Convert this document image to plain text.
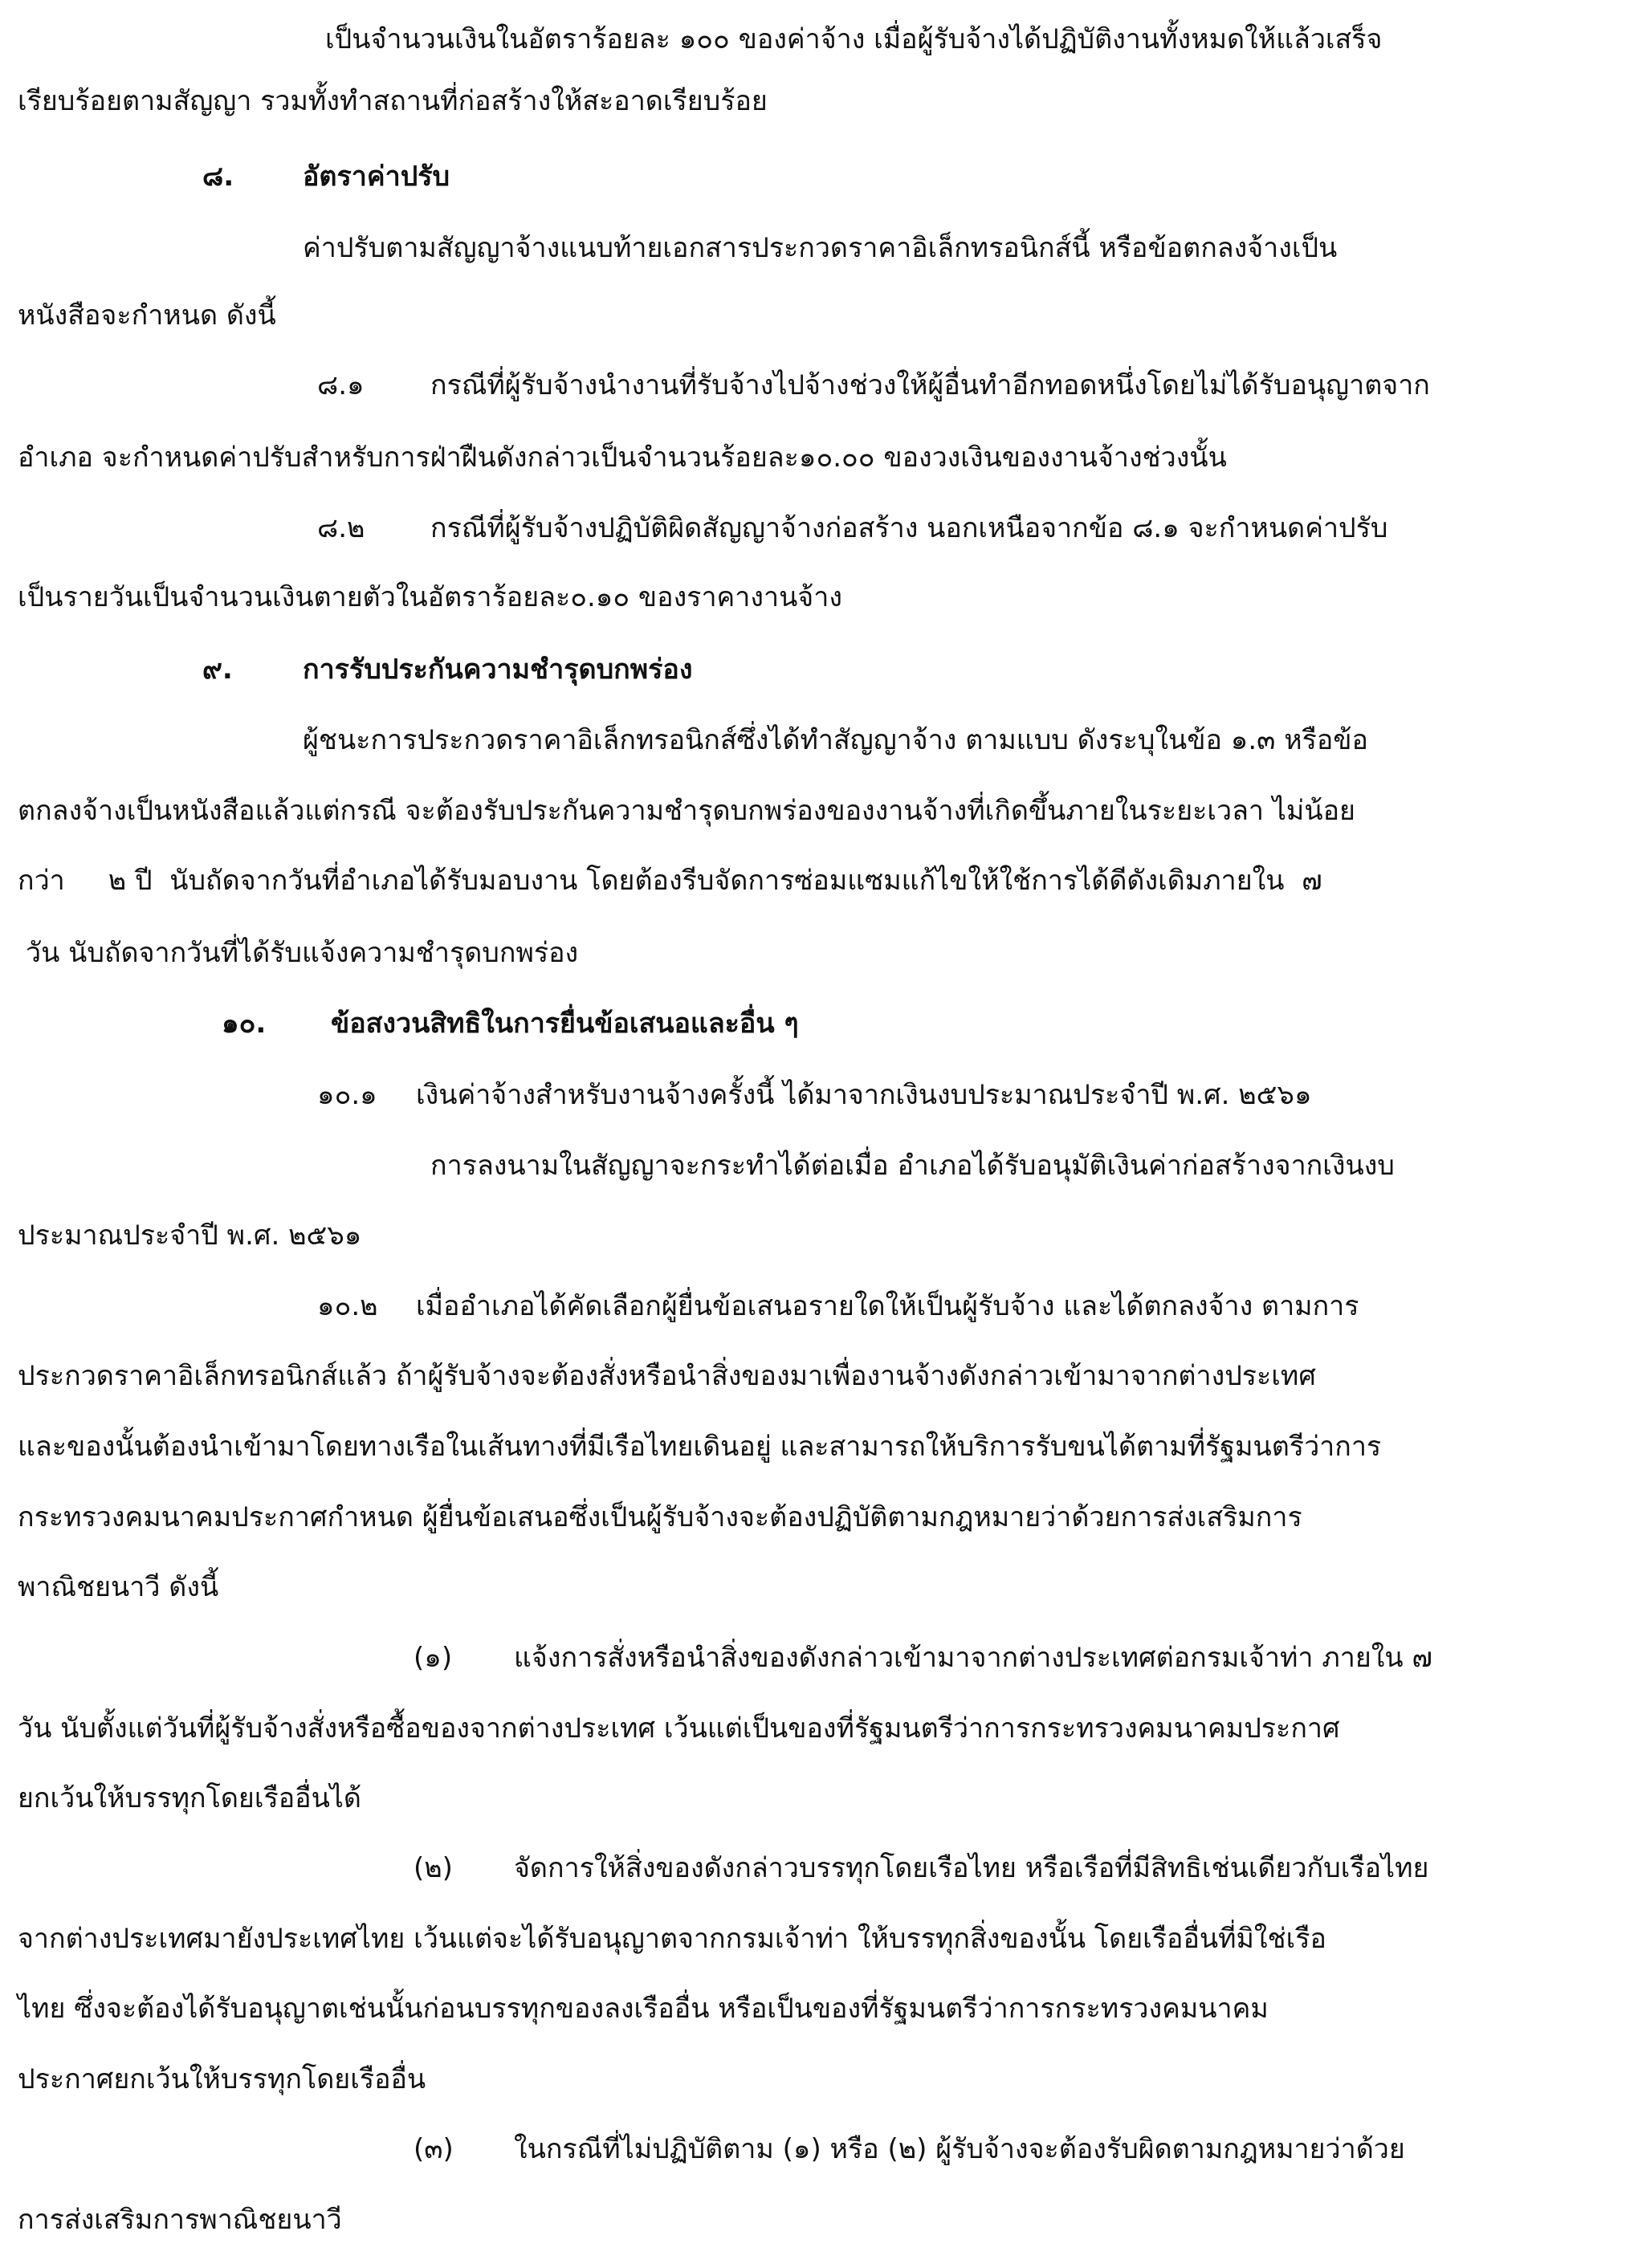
เป็นจำนวนเงินในอัตราร้อยละ ๑๐๐ ของค่าจ้าง เมื่อผู้รับจ้างได้ปฏิบัติงานทั้งหมดให้แล้วเสร็จ
เรียบร้อยตามสัญญา รวมทั้งทำสถานที่ก่อสร้างให้สะอาดเรียบร้อย
๘.	อัตราค่าปรับ
ค่าปรับตามสัญญาจ้างแนบท้ายเอกสารประกวดราคาอิเล็กทรอนิกส์นี้ หรือข้อตกลงจ้างเป็น
หนังสือจะกำหนด ดังนี้
๘.๑ กรณีที่ผู้รับจ้างนำงานที่รับจ้างไปจ้างช่วงให้ผู้อื่นทำอีกทอดหนึ่งโดยไม่ได้รับอนุญาตจาก
อำเภอ จะกำหนดค่าปรับสำหรับการฝ่าฝืนดังกล่าวเป็นจำนวนร้อยละ๑๐.๐๐ ของวงเงินของงานจ้างช่วงนั้น
๘.๒ กรณีที่ผู้รับจ้างปฏิบัติผิดสัญญาจ้างก่อสร้าง นอกเหนือจากข้อ ๘.๑ จะกำหนดค่าปรับ
เป็นรายวันเป็นจำนวนเงินตายตัวในอัตราร้อยละ๐.๑๐ ของราคางานจ้าง
๙.	การรับประกันความชำรุดบกพร่อง
ผู้ชนะการประกวดราคาอิเล็กทรอนิกส์ซึ่งได้ทำสัญญาจ้าง ตามแบบ ดังระบุในข้อ ๑.๓ หรือข้อ
ตกลงจ้างเป็นหนังสือแล้วแต่กรณี จะต้องรับประกันความชำรุดบกพร่องของงานจ้างที่เกิดขึ้นภายในระยะเวลา ไม่น้อย
กว่า     ๒ ปี  นับถัดจากวันที่อำเภอได้รับมอบงาน โดยต้องรีบจัดการซ่อมแซมแก้ไขให้ใช้การได้ดีดังเดิมภายใน  ๗
วัน นับถัดจากวันที่ได้รับแจ้งความชำรุดบกพร่อง
๑๐. ข้อสงวนสิทธิในการยื่นข้อเสนอและอื่น ๆ
๑๐.๑ เงินค่าจ้างสำหรับงานจ้างครั้งนี้ ได้มาจากเงินงบประมาณประจำปี พ.ศ. ๒๕๖๑
การลงนามในสัญญาจะกระทำได้ต่อเมื่อ อำเภอได้รับอนุมัติเงินค่าก่อสร้างจากเงินงบ
ประมาณประจำปี พ.ศ. ๒๕๖๑
๑๐.๒ เมื่ออำเภอได้คัดเลือกผู้ยื่นข้อเสนอรายใดให้เป็นผู้รับจ้าง และได้ตกลงจ้าง ตามการ
ประกวดราคาอิเล็กทรอนิกส์แล้ว ถ้าผู้รับจ้างจะต้องสั่งหรือนำสิ่งของมาเพื่องานจ้างดังกล่าวเข้ามาจากต่างประเทศ
และของนั้นต้องนำเข้ามาโดยทางเรือในเส้นทางที่มีเรือไทยเดินอยู่ และสามารถให้บริการรับขนได้ตามที่รัฐมนตรีว่าการ
กระทรวงคมนาคมประกาศกำหนด ผู้ยื่นข้อเสนอซึ่งเป็นผู้รับจ้างจะต้องปฏิบัติตามกฎหมายว่าด้วยการส่งเสริมการ
พาณิชยนาวี ดังนี้
(๑) แจ้งการสั่งหรือนำสิ่งของดังกล่าวเข้ามาจากต่างประเทศต่อกรมเจ้าท่า ภายใน ๗
วัน นับตั้งแต่วันที่ผู้รับจ้างสั่งหรือซื้อของจากต่างประเทศ เว้นแต่เป็นของที่รัฐมนตรีว่าการกระทรวงคมนาคมประกาศ
ยกเว้นให้บรรทุกโดยเรืออื่นได้
(๒) จัดการให้สิ่งของดังกล่าวบรรทุกโดยเรือไทย หรือเรือที่มีสิทธิเช่นเดียวกับเรือไทย
จากต่างประเทศมายังประเทศไทย เว้นแต่จะได้รับอนุญาตจากกรมเจ้าท่า ให้บรรทุกสิ่งของนั้น โดยเรืออื่นที่มิใช่เรือ
ไทย ซึ่งจะต้องได้รับอนุญาตเช่นนั้นก่อนบรรทุกของลงเรืออื่น หรือเป็นของที่รัฐมนตรีว่าการกระทรวงคมนาคม
ประกาศยกเว้นให้บรรทุกโดยเรืออื่น
(๓) ในกรณีที่ไม่ปฏิบัติตาม (๑) หรือ (๒) ผู้รับจ้างจะต้องรับผิดตามกฎหมายว่าด้วย
การส่งเสริมการพาณิชยนาวี
